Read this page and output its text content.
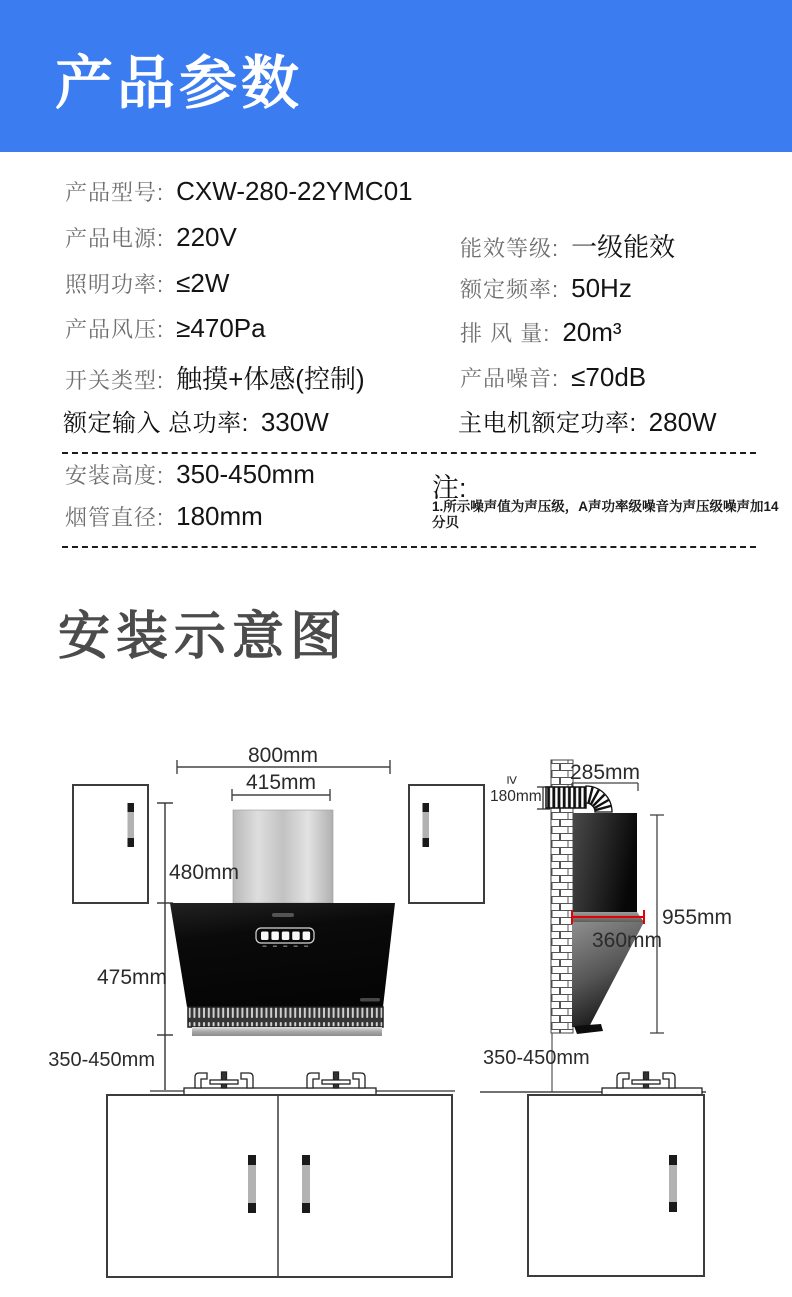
产品参数
产品型号: CXW-280-22YMC01
产品电源: 220V
照明功率: ≤2W
产品风压: ≥470Pa
开关类型: 触摸+体感(控制)
额定输入 总功率: 330W
能效等级: 一级能效
额定频率: 50Hz
排 风 量: 20m³
产品噪音: ≤70dB
主电机额定功率: 280W
安装高度: 350-450mm
烟管直径: 180mm
注:
1.所示噪声值为声压级，A声功率级噪音为声压级噪声加14分贝
安装示意图
800mm
415mm
480mm
475mm
350-450mm
285mm
≥
180mm
955mm
360mm
350-450mm
